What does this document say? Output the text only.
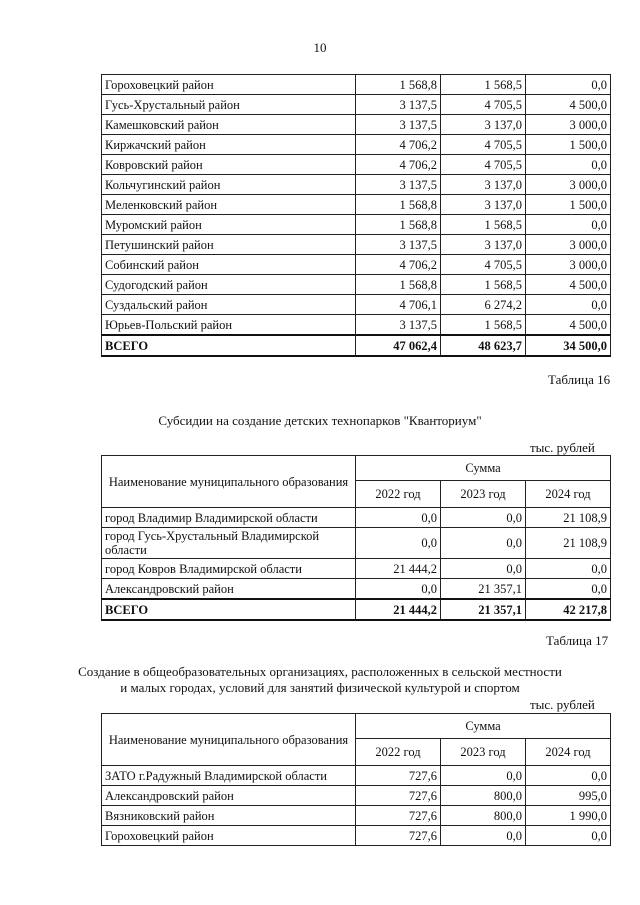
10
Гороховецкий район	1 568,8	1 568,5	0,0
Гусь-Хрустальный район	3 137,5	4 705,5	4 500,0
Камешковский район	3 137,5	3 137,0	3 000,0
Киржачский район	4 706,2	4 705,5	1 500,0
Ковровский район	4 706,2	4 705,5	0,0
Кольчугинский район	3 137,5	3 137,0	3 000,0
Меленковский район	1 568,8	3 137,0	1 500,0
Муромский район	1 568,8	1 568,5	0,0
Петушинский район	3 137,5	3 137,0	3 000,0
Собинский район	4 706,2	4 705,5	3 000,0
Судогодский район	1 568,8	1 568,5	4 500,0
Суздальский район	4 706,1	6 274,2	0,0
Юрьев-Польский район	3 137,5	1 568,5	4 500,0
ВСЕГО	47 062,4	48 623,7	34 500,0
Таблица 16
Субсидии на создание детских технопарков "Кванториум"
тыс. рублей
Наименование муниципального образования	Сумма		
	2022 год	2023 год	2024 год
город Владимир Владимирской области	0,0	0,0	21 108,9
город Гусь-Хрустальный Владимирской области	0,0	0,0	21 108,9
город Ковров Владимирской области	21 444,2	0,0	0,0
Александровский район	0,0	21 357,1	0,0
ВСЕГО	21 444,2	21 357,1	42 217,8
Таблица 17
Создание в общеобразовательных организациях, расположенных в сельской местности
и малых городах, условий для занятий физической культурой и спортом
тыс. рублей
Наименование муниципального образования	Сумма		
	2022 год	2023 год	2024 год
ЗАТО г.Радужный Владимирской области	727,6	0,0	0,0
Александровский район	727,6	800,0	995,0
Вязниковский район	727,6	800,0	1 990,0
Гороховецкий район	727,6	0,0	0,0
